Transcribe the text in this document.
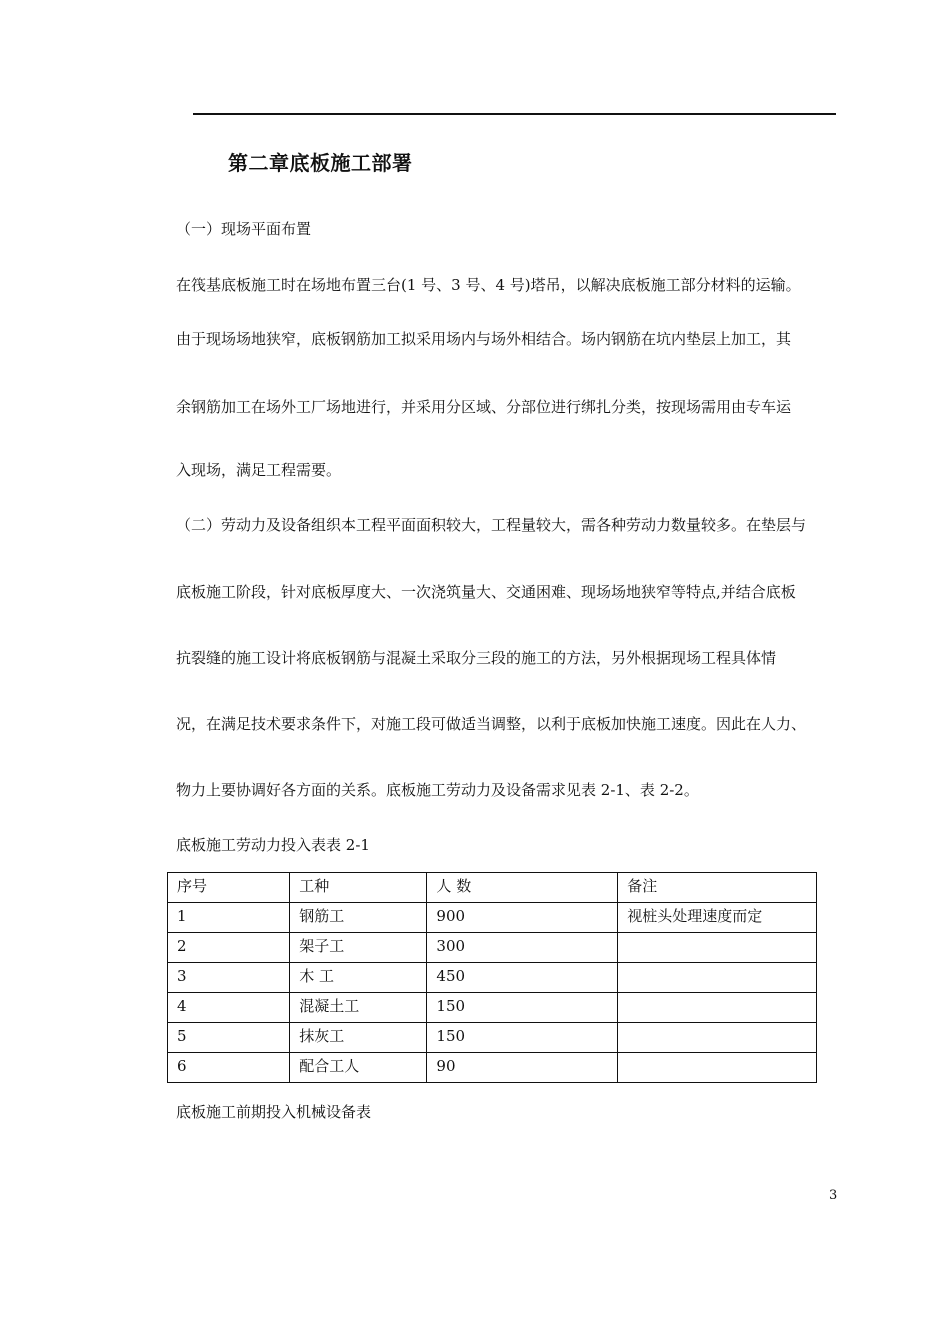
第二章底板施工部署
（一）现场平面布置
在筏基底板施工时在场地布置三台(1 号、3 号、4 号)塔吊，以解决底板施工部分材料的运输。
由于现场场地狭窄，底板钢筋加工拟采用场内与场外相结合。场内钢筋在坑内垫层上加工，其
余钢筋加工在场外工厂场地进行，并采用分区域、分部位进行绑扎分类，按现场需用由专车运
入现场，满足工程需要。
（二）劳动力及设备组织本工程平面面积较大，工程量较大，需各种劳动力数量较多。在垫层与
底板施工阶段，针对底板厚度大、一次浇筑量大、交通困难、现场场地狭窄等特点,并结合底板
抗裂缝的施工设计将底板钢筋与混凝土采取分三段的施工的方法，另外根据现场工程具体情
况，在满足技术要求条件下，对施工段可做适当调整，以利于底板加快施工速度。因此在人力、
物力上要协调好各方面的关系。底板施工劳动力及设备需求见表 2-1、表 2-2。
底板施工劳动力投入表表 2-1
序号	工种	人 数	备注
1	钢筋工	900	视桩头处理速度而定
2	架子工	300	
3	木 工	450	
4	混凝土工	150	
5	抹灰工	150	
6	配合工人	90	
底板施工前期投入机械设备表
3
